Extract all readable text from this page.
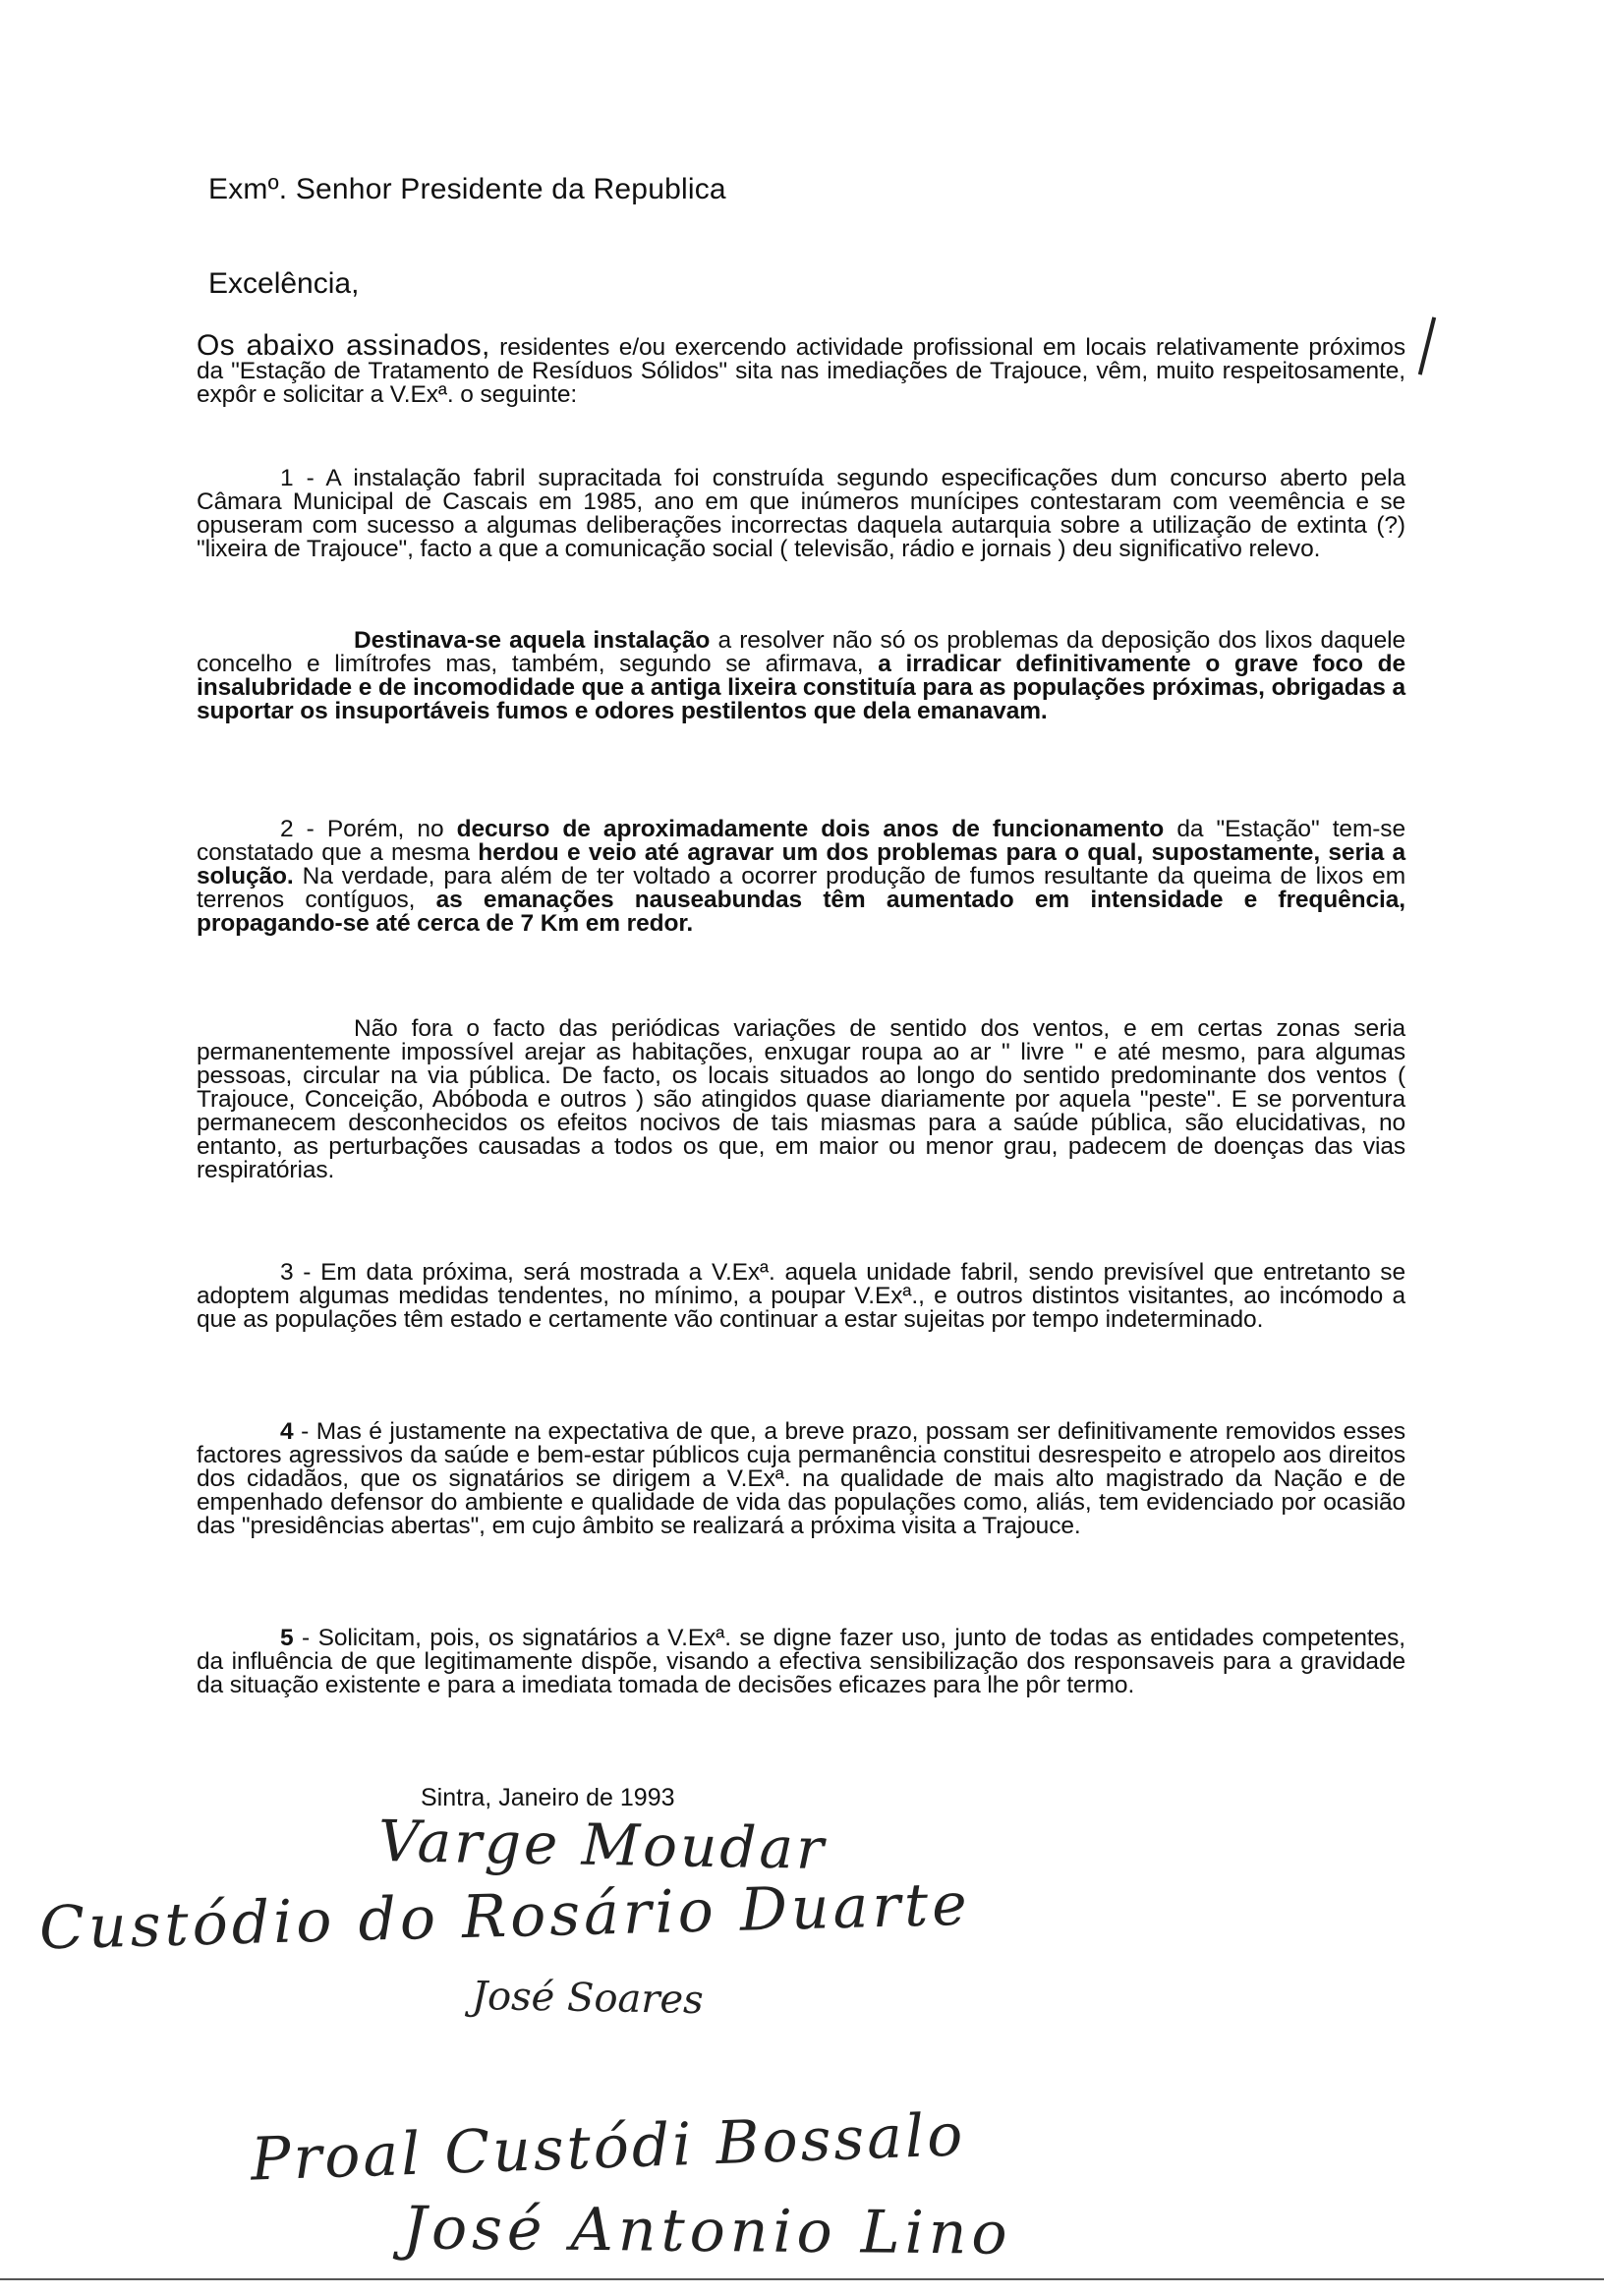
Exmº. Senhor Presidente da Republica
Excelência,

Os abaixo assinados, residentes e/ou exercendo actividade profissional em locais relativamente próximos da "Estação de Tratamento de Resíduos Sólidos" sita nas imediações de Trajouce, vêm, muito respeitosamente, expôr e solicitar a V.Exª. o seguinte:

1 - A instalação fabril supracitada foi construída segundo especificações dum concurso aberto pela Câmara Municipal de Cascais em 1985, ano em que inúmeros munícipes contestaram com veemência e se opuseram com sucesso a algumas deliberações incorrectas daquela autarquia sobre a utilização de extinta (?) "lixeira de Trajouce", facto a que a comunicação social ( televisão, rádio e jornais ) deu significativo relevo.

Destinava-se aquela instalação a resolver não só os problemas da deposição dos lixos daquele concelho e limítrofes mas, também, segundo se afirmava, a irradicar definitivamente o grave foco de insalubridade e de incomodidade que a antiga lixeira constituía para as populações próximas, obrigadas a suportar os insuportáveis fumos e odores pestilentos que dela emanavam.

2 - Porém, no decurso de aproximadamente dois anos de funcionamento da "Estação" tem-se constatado que a mesma herdou e veio até agravar um dos problemas para o qual, supostamente, seria a solução. Na verdade, para além de ter voltado a ocorrer produção de fumos resultante da queima de lixos em terrenos contíguos, as emanações nauseabundas têm aumentado em intensidade e frequência, propagando-se até cerca de 7 Km em redor.

Não fora o facto das periódicas variações de sentido dos ventos, e em certas zonas seria permanentemente impossível arejar as habitações, enxugar roupa ao ar " livre " e até mesmo, para algumas pessoas, circular na via pública. De facto, os locais situados ao longo do sentido predominante dos ventos ( Trajouce, Conceição, Abóboda e outros ) são atingidos quase diariamente por aquela "peste". E se porventura permanecem desconhecidos os efeitos nocivos de tais miasmas para a saúde pública, são elucidativas, no entanto, as perturbações causadas a todos os que, em maior ou menor grau, padecem de doenças das vias respiratórias.

3 - Em data próxima, será mostrada a V.Exª. aquela unidade fabril, sendo previsível que entretanto se adoptem algumas medidas tendentes, no mínimo, a poupar V.Exª., e outros distintos visitantes, ao incómodo a que as populações têm estado e certamente vão continuar a estar sujeitas por tempo indeterminado.

4 - Mas é justamente na expectativa de que, a breve prazo, possam ser definitivamente removidos esses factores agressivos da saúde e bem-estar públicos cuja permanência constitui desrespeito e atropelo aos direitos dos cidadãos, que os signatários se dirigem a V.Exª. na qualidade de mais alto magistrado da Nação e de empenhado defensor do ambiente e qualidade de vida das populações como, aliás, tem evidenciado por ocasião das "presidências abertas", em cujo âmbito se realizará a próxima visita a Trajouce.

5 - Solicitam, pois, os signatários a V.Exª. se digne fazer uso, junto de todas as entidades competentes, da influência de que legitimamente dispõe, visando a efectiva sensibilização dos responsaveis para a gravidade da situação existente e para a imediata tomada de decisões eficazes para lhe pôr termo.

Sintra, Janeiro de 1993
Varge Moudar
Custódio do Rosário Duarte
José Soares
Proal Custódi Bossalo
José Antonio Lino
